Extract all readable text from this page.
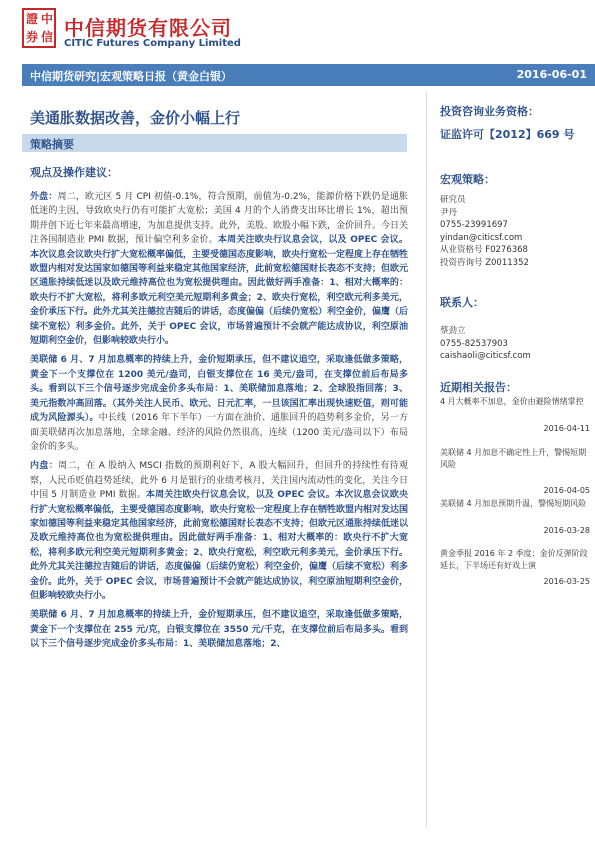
證 中
券 信 中信期货有限公司
CITIC Futures Company Limited
中信期货研究|宏观策略日报（黄金白银）	2016-06-01
美通胀数据改善，金价小幅上行
策略摘要
观点及操作建议：

外盘：周二，欧元区 5 月 CPI 初值-0.1%，符合预期，前值为-0.2%，能源价格下跌仍是通胀低迷的主因，导致欧央行仍有可能扩大宽松；美国 4 月的个人消费支出环比增长 1%，超出预期并创下近七年来最高增速，为加息提供支持。此外，美股、欧股小幅下跌，金价回升。今日关注各国制造业 PMI 数据，预计偏空利多金价。本周关注欧央行议息会议，以及 OPEC 会议。本次议息会议欧央行扩大宽松概率偏低，主要受德国态度影响，欧央行宽松一定程度上存在牺牲欧盟内相对发达国家如德国等利益来稳定其他国家经济，此前宽松德国财长表态不支持；但欧元区通胀持续低迷以及欧元维持高位也为宽松提供理由。因此做好两手准备：1、相对大概率的：欧央行不扩大宽松，将利多欧元利空美元短期利多黄金；2、欧央行宽松，利空欧元利多美元，金价承压下行。此外尤其关注德拉吉随后的讲话，态度偏偏（后续仍宽松）利空金价，偏鹰（后续不宽松）利多金价。此外，关于 OPEC 会议，市场普遍预计不会就产能达成协议，利空原油短期利空金价，但影响较欧央行小。

美联储 6 月、7 月加息概率的持续上升，金价短期承压，但不建议追空，采取逢低做多策略，黄金下一个支撑位在 1200 美元/盎司，白银支撑位在 16 美元/盎司，在支撑位前后布局多头。看到以下三个信号逐步完成金价多头布局：1、美联储加息落地；2、全球股指回落；3、美元指数冲高回落。（其外关注人民币、欧元、日元汇率，一旦该国汇率出现快速贬值，则可能成为风险源头）。中长线（2016 年下半年）一方面在油价、通胀回升的趋势利多金价，另一方面美联储再次加息落地，全球金融、经济的风险仍然很高，连续（1200 美元/盎司以下）布局金价的多头。

内盘：周二，在 A 股纳入 MSCI 指数的预期利好下，A 股大幅回升，但回升的持续性有待观察，人民币贬值趋势延续，此外 6 月是银行的业绩考核月，关注国内流动性的变化，关注今日中国 5 月制造业 PMI 数据。本周关注欧央行议息会议，以及 OPEC 会议。本次议息会议欧央行扩大宽松概率偏低，主要受德国态度影响，欧央行宽松一定程度上存在牺牲欧盟内相对发达国家如德国等利益来稳定其他国家经济，此前宽松德国财长表态不支持；但欧元区通胀持续低迷以及欧元维持高位也为宽松提供理由。因此做好两手准备：1、相对大概率的：欧央行不扩大宽松，将利多欧元利空美元短期利多黄金；2、欧央行宽松，利空欧元利多美元，金价承压下行。此外尤其关注德拉吉随后的讲话，态度偏偏（后续仍宽松）利空金价，偏鹰（后续不宽松）利多金价。此外，关于 OPEC 会议，市场普遍预计不会就产能达成协议，利空原油短期利空金价，但影响较欧央行小。

美联储 6 月、7 月加息概率的持续上升，金价短期承压，但不建议追空，采取逢低做多策略，黄金下一个支撑位在 255 元/克，白银支撑位在 3550 元/千克，在支撑位前后布局多头。看到以下三个信号逐步完成金价多头布局：1、美联储加息落地；2、

投资咨询业务资格：
证监许可【2012】669 号
宏观策略：
研究员
尹丹
0755-23991697
yindan@citicsf.com
从业资格号 F0276368
投资咨询号 Z0011352
联系人：
蔡劲立
0755-82537903
caishaoli@citicsf.com
近期相关报告：
4 月大概率不加息，金价由避险情绪掌控
2016-04-11
美联储 4 月加息不确定性上升，警惕短期风险
2016-04-05
美联储 4 月加息预期升温，警惕短期风险
2016-03-28
黄金季报 2016 年 2 季度：金价反弹阶段延长，下半场还有好戏上演
2016-03-25
